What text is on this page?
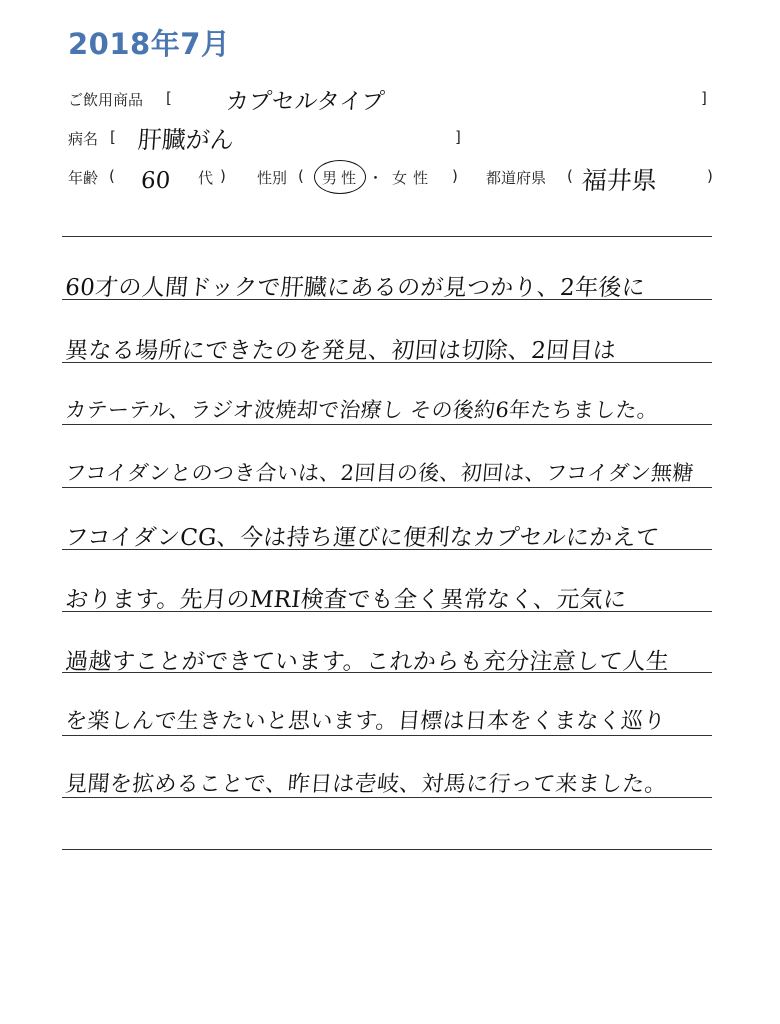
2018年7月
ご飲用商品 [ カプセルタイプ	]
病名 [ 肝臓がん	]
年齢 ( 60 代 ) 性別 ( 男性 ・ 女性 ) 都道府県 ( 福井県	)
60才の人間ドックで肝臓にあるのが見つかり、2年後に
異なる場所にできたのを発見、初回は切除、2回目は
カテーテル、ラジオ波焼却で治療し その後約6年たちました。
フコイダンとのつき合いは、2回目の後、初回は、フコイダン無糖
フコイダンCG、今は持ち運びに便利なカプセルにかえて
おります。先月のMRI検査でも全く異常なく、元気に
過越すことができています。これからも充分注意して人生
を楽しんで生きたいと思います。目標は日本をくまなく巡り
見聞を拡めることで、昨日は壱岐、対馬に行って来ました。
